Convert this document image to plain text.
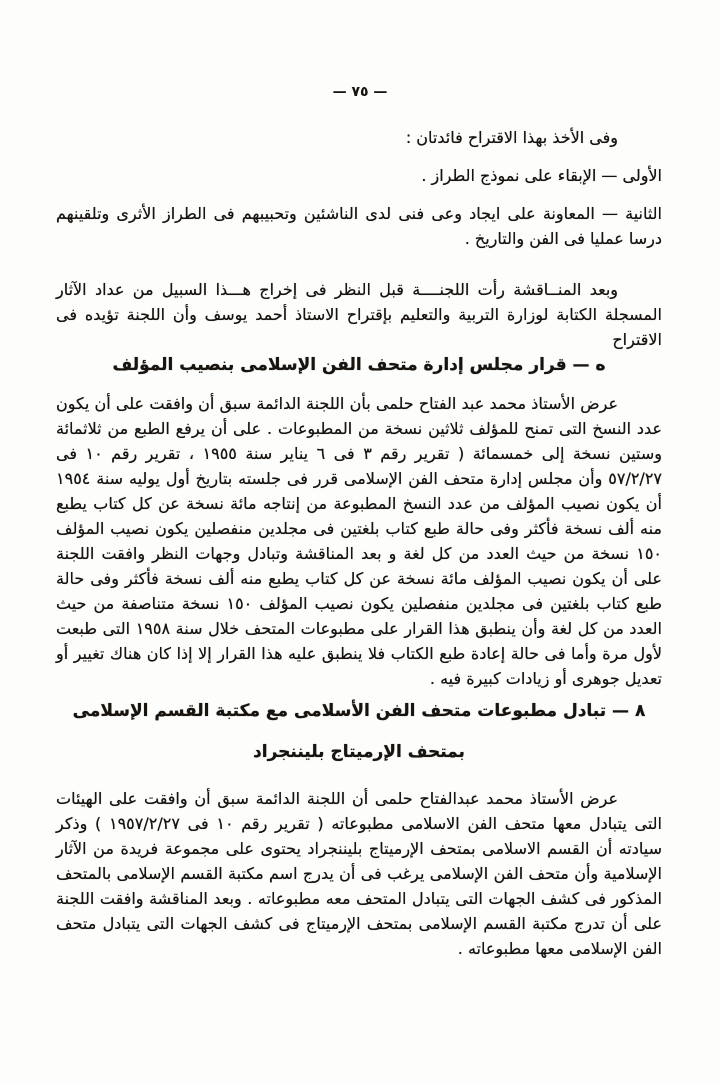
— ٧٥ —

وفى الأخذ بهذا الاقتراح فائدتان :

الأولى — الإبقاء على نموذج الطراز .

الثانية — المعاونة على ايجاد وعى فنى لدى الناشئين وتحبيبهم فى الطراز الأثرى وتلقينهم درسا عمليا فى الفن والتاريخ .

وبعد المنــاقشة رأت اللجنــــة قبل النظر فى إخراج هـــذا السبيل من عداد الآثار المسجلة الكتابة لوزارة التربية والتعليم بإقتراح الاستاذ أحمد يوسف وأن اللجنة تؤيده فى الاقتراح

ه — قرار مجلس إدارة متحف الفن الإسلامى بنصيب المؤلف

عرض الأستاذ محمد عبد الفتاح حلمى بأن اللجنة الدائمة سبق أن وافقت على أن يكون عدد النسخ التى تمنح للمؤلف ثلاثين نسخة من المطبوعات . على أن يرفع الطبع من ثلاثمائة وستين نسخة إلى خمسمائة ( تقرير رقم ٣ فى ٦ يناير سنة ١٩٥٥ ، تقرير رقم ١٠ فى ٥٧/٢/٢٧ وأن مجلس إدارة متحف الفن الإسلامى قرر فى جلسته بتاريخ أول يوليه سنة ١٩٥٤ أن يكون نصيب المؤلف من عدد النسخ المطبوعة من إنتاجه مائة نسخة عن كل كتاب يطبع منه ألف نسخة فأكثر وفى حالة طبع كتاب بلغتين فى مجلدين منفصلين يكون نصيب المؤلف ١٥٠ نسخة من حيث العدد من كل لغة و بعد المناقشة وتبادل وجهات النظر وافقت اللجنة على أن يكون نصيب المؤلف مائة نسخة عن كل كتاب يطبع منه ألف نسخة فأكثر وفى حالة طبع كتاب بلغتين فى مجلدين منفصلين يكون نصيب المؤلف ١٥٠ نسخة متناصفة من حيث العدد من كل لغة وأن ينطبق هذا القرار على مطبوعات المتحف خلال سنة ١٩٥٨ التى طبعت لأول مرة وأما فى حالة إعادة طبع الكتاب فلا ينطبق عليه هذا القرار إلا إذا كان هناك تغيير أو تعديل جوهرى أو زيادات كبيرة فيه .

٨ — تبادل مطبوعات متحف الفن الأسلامى مع مكتبة القسم الإسلامى
بمتحف الإرميتاج بليننجراد

عرض الأستاذ محمد عبدالفتاح حلمى أن اللجنة الدائمة سبق أن وافقت على الهيئات التى يتبادل معها متحف الفن الاسلامى مطبوعاته ( تقرير رقم ١٠ فى ١٩٥٧/٢/٢٧ ) وذكر سيادته أن القسم الاسلامى بمتحف الإرميتاج بليننجراد يحتوى على مجموعة فريدة من الآثار الإسلامية وأن متحف الفن الإسلامى يرغب فى أن يدرج اسم مكتبة القسم الإسلامى بالمتحف المذكور فى كشف الجهات التى يتبادل المتحف معه مطبوعاته . وبعد المناقشة وافقت اللجنة على أن تدرج مكتبة القسم الإسلامى بمتحف الإرميتاج فى كشف الجهات التى يتبادل متحف الفن الإسلامى معها مطبوعاته .
